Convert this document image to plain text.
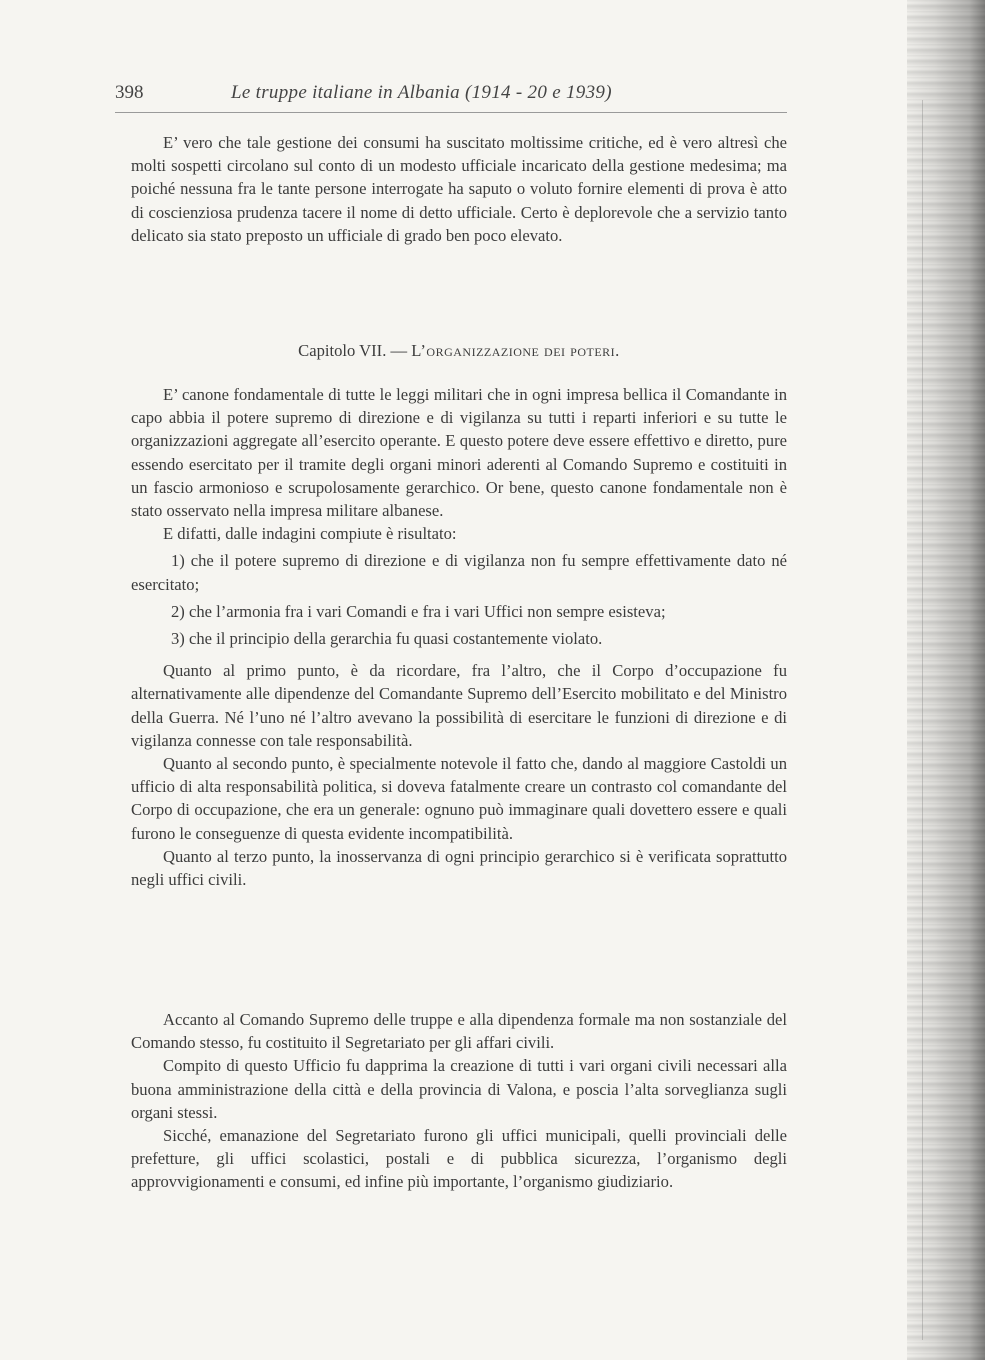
398	Le truppe italiane in Albania (1914 - 20 e 1939)

E’ vero che tale gestione dei consumi ha suscitato moltissime critiche, ed è vero altresì che molti sospetti circolano sul conto di un modesto ufficiale incaricato della gestione medesima; ma poiché nessuna fra le tante persone interrogate ha saputo o voluto fornire elementi di prova è atto di coscienziosa prudenza tacere il nome di detto ufficiale. Certo è deplorevole che a servizio tanto delicato sia stato preposto un ufficiale di grado ben poco elevato.

Capitolo VII. — L’organizzazione dei poteri.

E’ canone fondamentale di tutte le leggi militari che in ogni impresa bellica il Comandante in capo abbia il potere supremo di direzione e di vigilanza su tutti i reparti inferiori e su tutte le organizzazioni aggregate all’esercito operante. E questo potere deve essere effettivo e diretto, pure essendo esercitato per il tramite degli organi minori aderenti al Comando Supremo e costituiti in un fascio armonioso e scrupolosamente gerarchico. Or bene, questo canone fondamentale non è stato osservato nella impresa militare albanese.

E difatti, dalle indagini compiute è risultato:

1) che il potere supremo di direzione e di vigilanza non fu sempre effettivamente dato né esercitato;

2) che l’armonia fra i vari Comandi e fra i vari Uffici non sempre esisteva;

3) che il principio della gerarchia fu quasi costantemente violato.

Quanto al primo punto, è da ricordare, fra l’altro, che il Corpo d’occupazione fu alternativamente alle dipendenze del Comandante Supremo dell’Esercito mobilitato e del Ministro della Guerra. Né l’uno né l’altro avevano la possibilità di esercitare le funzioni di direzione e di vigilanza connesse con tale responsabilità.

Quanto al secondo punto, è specialmente notevole il fatto che, dando al maggiore Castoldi un ufficio di alta responsabilità politica, si doveva fatalmente creare un contrasto col comandante del Corpo di occupazione, che era un generale: ognuno può immaginare quali dovettero essere e quali furono le conseguenze di questa evidente incompatibilità.

Quanto al terzo punto, la inosservanza di ogni principio gerarchico si è verificata soprattutto negli uffici civili.

Accanto al Comando Supremo delle truppe e alla dipendenza formale ma non sostanziale del Comando stesso, fu costituito il Segretariato per gli affari civili.

Compito di questo Ufficio fu dapprima la creazione di tutti i vari organi civili necessari alla buona amministrazione della città e della provincia di Valona, e poscia l’alta sorveglianza sugli organi stessi.

Sicché, emanazione del Segretariato furono gli uffici municipali, quelli provinciali delle prefetture, gli uffici scolastici, postali e di pubblica sicurezza, l’organismo degli approvvigionamenti e consumi, ed infine più importante, l’organismo giudiziario.
